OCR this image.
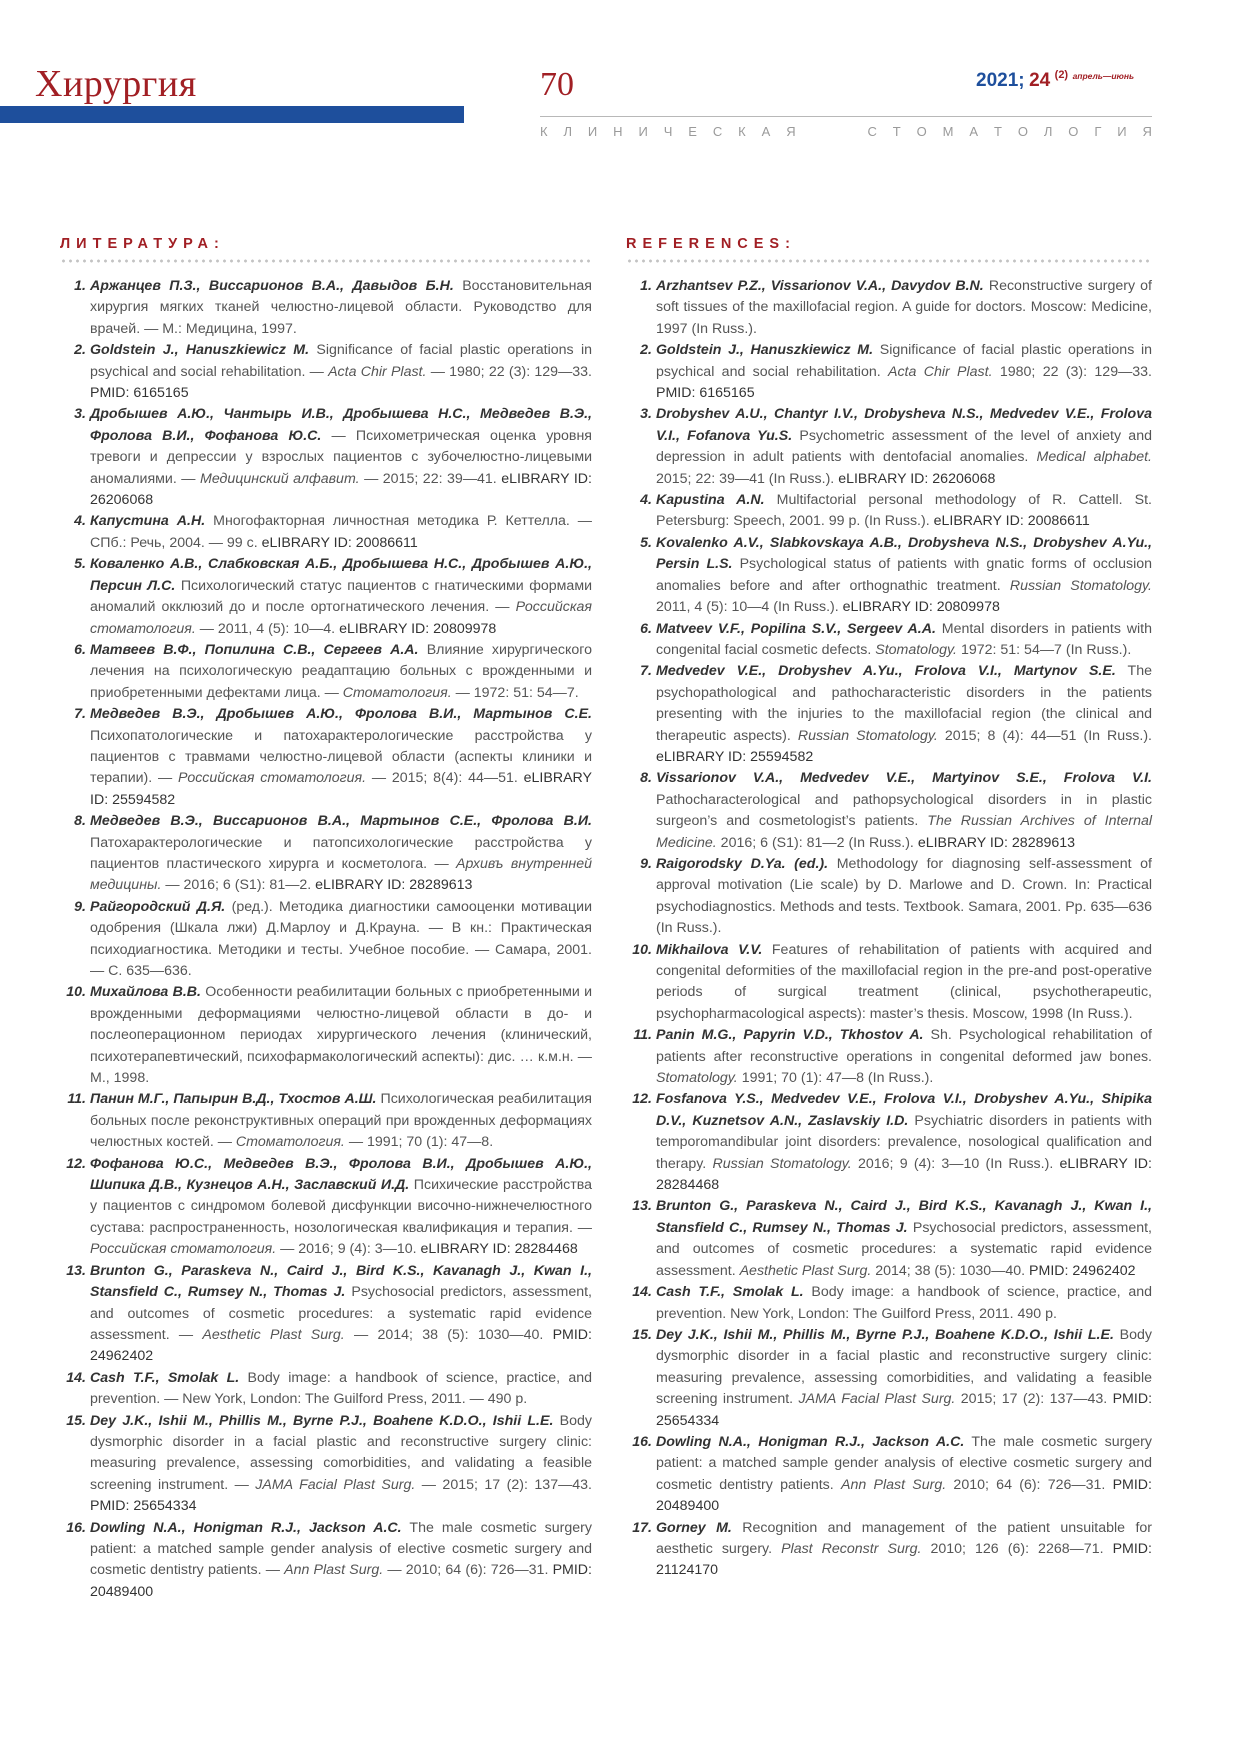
Хирургия	70	2021; 24 $^{(2)}$ $^{апрель—июнь}$
К Л И Н И Ч Е С К А Я	С Т О М А Т О Л О Г И Я
ЛИТЕРАТУРА:
1. Аржанцев П.З., Виссарионов В.А., Давыдов Б.Н. Восстановительная хирургия мягких тканей челюстно-лицевой области. Руководство для врачей. — М.: Медицина, 1997.
2. Goldstein J., Hanuszkiewicz M. Significance of facial plastic operations in psychical and social rehabilitation. — Acta Chir Plast. — 1980; 22 (3): 129—33. PMID: 6165165
3. Дробышев А.Ю., Чантырь И.В., Дробышева Н.С., Медведев В.Э., Фролова В.И., Фофанова Ю.С. — Психометрическая оценка уровня тревоги и депрессии у взрослых пациентов с зубочелюстно-лицевыми аномалиями. — Медицинский алфавит. — 2015; 22: 39—41. eLIBRARY ID: 26206068
4. Капустина А.Н. Многофакторная личностная методика Р. Кеттелла. — СПб.: Речь, 2004. — 99 с. eLIBRARY ID: 20086611
5. Коваленко А.В., Слабковская А.Б., Дробышева Н.С., Дробышев А.Ю., Персин Л.С. Психологический статус пациентов с гнатическими формами аномалий окклюзий до и после ортогнатического лечения. — Российская стоматология. — 2011, 4 (5): 10—4. eLIBRARY ID: 20809978
6. Матвеев В.Ф., Попилина С.В., Сергеев А.А. Влияние хирургического лечения на психологическую реадаптацию больных с врожденными и приобретенными дефектами лица. — Стоматология. — 1972: 51: 54—7.
7. Медведев В.Э., Дробышев А.Ю., Фролова В.И., Мартынов С.Е. Психопатологические и патохарактерологические расстройства у пациентов с травмами челюстно-лицевой области (аспекты клиники и терапии). — Российская стоматология. — 2015; 8(4): 44—51. eLIBRARY ID: 25594582
8. Медведев В.Э., Виссарионов В.А., Мартынов С.Е., Фролова В.И. Патохарактерологические и патопсихологические расстройства у пациентов пластического хирурга и косметолога. — Архивъ внутренней медицины. — 2016; 6 (S1): 81—2. eLIBRARY ID: 28289613
9. Райгородский Д.Я. (ред.). Методика диагностики самооценки мотивации одобрения (Шкала лжи) Д.Марлоу и Д.Крауна. — В кн.: Практическая психодиагностика. Методики и тесты. Учебное пособие. — Самара, 2001. — С. 635—636.
10. Михайлова В.В. Особенности реабилитации больных с приобретенными и врожденными деформациями челюстно-лицевой области в до- и послеоперационном периодах хирургического лечения (клинический, психотерапевтический, психофармакологический аспекты): дис. … к.м.н. — М., 1998.
11. Панин М.Г., Папырин В.Д., Тхостов А.Ш. Психологическая реабилитация больных после реконструктивных операций при врожденных деформациях челюстных костей. — Стоматология. — 1991; 70 (1): 47—8.
12. Фофанова Ю.С., Медведев В.Э., Фролова В.И., Дробышев А.Ю., Шипика Д.В., Кузнецов А.Н., Заславский И.Д. Психические расстройства у пациентов с синдромом болевой дисфункции височно-нижнечелюстного сустава: распространенность, нозологическая квалификация и терапия. — Российская стоматология. — 2016; 9 (4): 3—10. eLIBRARY ID: 28284468
13. Brunton G., Paraskeva N., Caird J., Bird K.S., Kavanagh J., Kwan I., Stansfield C., Rumsey N., Thomas J. Psychosocial predictors, assessment, and outcomes of cosmetic procedures: a systematic rapid evidence assessment. — Aesthetic Plast Surg. — 2014; 38 (5): 1030—40. PMID: 24962402
14. Cash T.F., Smolak L. Body image: a handbook of science, practice, and prevention. — New York, London: The Guilford Press, 2011. — 490 p.
15. Dey J.K., Ishii M., Phillis M., Byrne P.J., Boahene K.D.O., Ishii L.E. Body dysmorphic disorder in a facial plastic and reconstructive surgery clinic: measuring prevalence, assessing comorbidities, and validating a feasible screening instrument. — JAMA Facial Plast Surg. — 2015; 17 (2): 137—43. PMID: 25654334
16. Dowling N.A., Honigman R.J., Jackson A.C. The male cosmetic surgery patient: a matched sample gender analysis of elective cosmetic surgery and cosmetic dentistry patients. — Ann Plast Surg. — 2010; 64 (6): 726—31. PMID: 20489400
REFERENCES:
1. Arzhantsev P.Z., Vissarionov V.A., Davydov B.N. Reconstructive surgery of soft tissues of the maxillofacial region. A guide for doctors. Moscow: Medicine, 1997 (In Russ.).
2. Goldstein J., Hanuszkiewicz M. Significance of facial plastic operations in psychical and social rehabilitation. Acta Chir Plast. 1980; 22 (3): 129—33. PMID: 6165165
3. Drobyshev A.U., Chantyr I.V., Drobysheva N.S., Medvedev V.E., Frolova V.I., Fofanova Yu.S. Psychometric assessment of the level of anxiety and depression in adult patients with dentofacial anomalies. Medical alphabet. 2015; 22: 39—41 (In Russ.). eLIBRARY ID: 26206068
4. Kapustina A.N. Multifactorial personal methodology of R. Cattell. St. Petersburg: Speech, 2001. 99 p. (In Russ.). eLIBRARY ID: 20086611
5. Kovalenko A.V., Slabkovskaya A.B., Drobysheva N.S., Drobyshev A.Yu., Persin L.S. Psychological status of patients with gnatic forms of occlusion anomalies before and after orthognathic treatment. Russian Stomatology. 2011, 4 (5): 10—4 (In Russ.). eLIBRARY ID: 20809978
6. Matveev V.F., Popilina S.V., Sergeev A.A. Mental disorders in patients with congenital facial cosmetic defects. Stomatology. 1972: 51: 54—7 (In Russ.).
7. Medvedev V.E., Drobyshev A.Yu., Frolova V.I., Martynov S.E. The psychopathological and pathocharacteristic disorders in the patients presenting with the injuries to the maxillofacial region (the clinical and therapeutic aspects). Russian Stomatology. 2015; 8 (4): 44—51 (In Russ.). eLIBRARY ID: 25594582
8. Vissarionov V.A., Medvedev V.E., Martyinov S.E., Frolova V.I. Pathocharacterological and pathopsychological disorders in in plastic surgeon’s and cosmetologist’s patients. The Russian Archives of Internal Medicine. 2016; 6 (S1): 81—2 (In Russ.). eLIBRARY ID: 28289613
9. Raigorodsky D.Ya. (ed.). Methodology for diagnosing self-assessment of approval motivation (Lie scale) by D. Marlowe and D. Crown. In: Practical psychodiagnostics. Methods and tests. Textbook. Samara, 2001. Pp. 635—636 (In Russ.).
10. Mikhailova V.V. Features of rehabilitation of patients with acquired and congenital deformities of the maxillofacial region in the pre-and post-operative periods of surgical treatment (clinical, psychotherapeutic, psychopharmacological aspects): master’s thesis. Moscow, 1998 (In Russ.).
11. Panin M.G., Papyrin V.D., Tkhostov A. Sh. Psychological rehabilitation of patients after reconstructive operations in congenital deformed jaw bones. Stomatology. 1991; 70 (1): 47—8 (In Russ.).
12. Fosfanova Y.S., Medvedev V.E., Frolova V.I., Drobyshev A.Yu., Shipika D.V., Kuznetsov A.N., Zaslavskiy I.D. Psychiatric disorders in patients with temporomandibular joint disorders: prevalence, nosological qualification and therapy. Russian Stomatology. 2016; 9 (4): 3—10 (In Russ.). eLIBRARY ID: 28284468
13. Brunton G., Paraskeva N., Caird J., Bird K.S., Kavanagh J., Kwan I., Stansfield C., Rumsey N., Thomas J. Psychosocial predictors, assessment, and outcomes of cosmetic procedures: a systematic rapid evidence assessment. Aesthetic Plast Surg. 2014; 38 (5): 1030—40. PMID: 24962402
14. Cash T.F., Smolak L. Body image: a handbook of science, practice, and prevention. New York, London: The Guilford Press, 2011. 490 p.
15. Dey J.K., Ishii M., Phillis M., Byrne P.J., Boahene K.D.O., Ishii L.E. Body dysmorphic disorder in a facial plastic and reconstructive surgery clinic: measuring prevalence, assessing comorbidities, and validating a feasible screening instrument. JAMA Facial Plast Surg. 2015; 17 (2): 137—43. PMID: 25654334
16. Dowling N.A., Honigman R.J., Jackson A.C. The male cosmetic surgery patient: a matched sample gender analysis of elective cosmetic surgery and cosmetic dentistry patients. Ann Plast Surg. 2010; 64 (6): 726—31. PMID: 20489400
17. Gorney M. Recognition and management of the patient unsuitable for aesthetic surgery. Plast Reconstr Surg. 2010; 126 (6): 2268—71. PMID: 21124170
